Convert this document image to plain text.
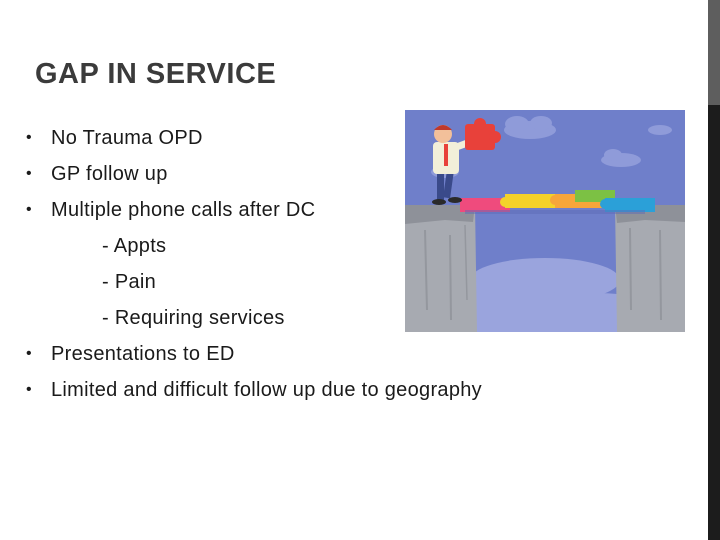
GAP IN SERVICE
• No Trauma OPD
• GP follow up
• Multiple phone calls after DC
- Appts
- Pain
- Requiring services
• Presentations to ED
• Limited and difficult follow up due to geography
